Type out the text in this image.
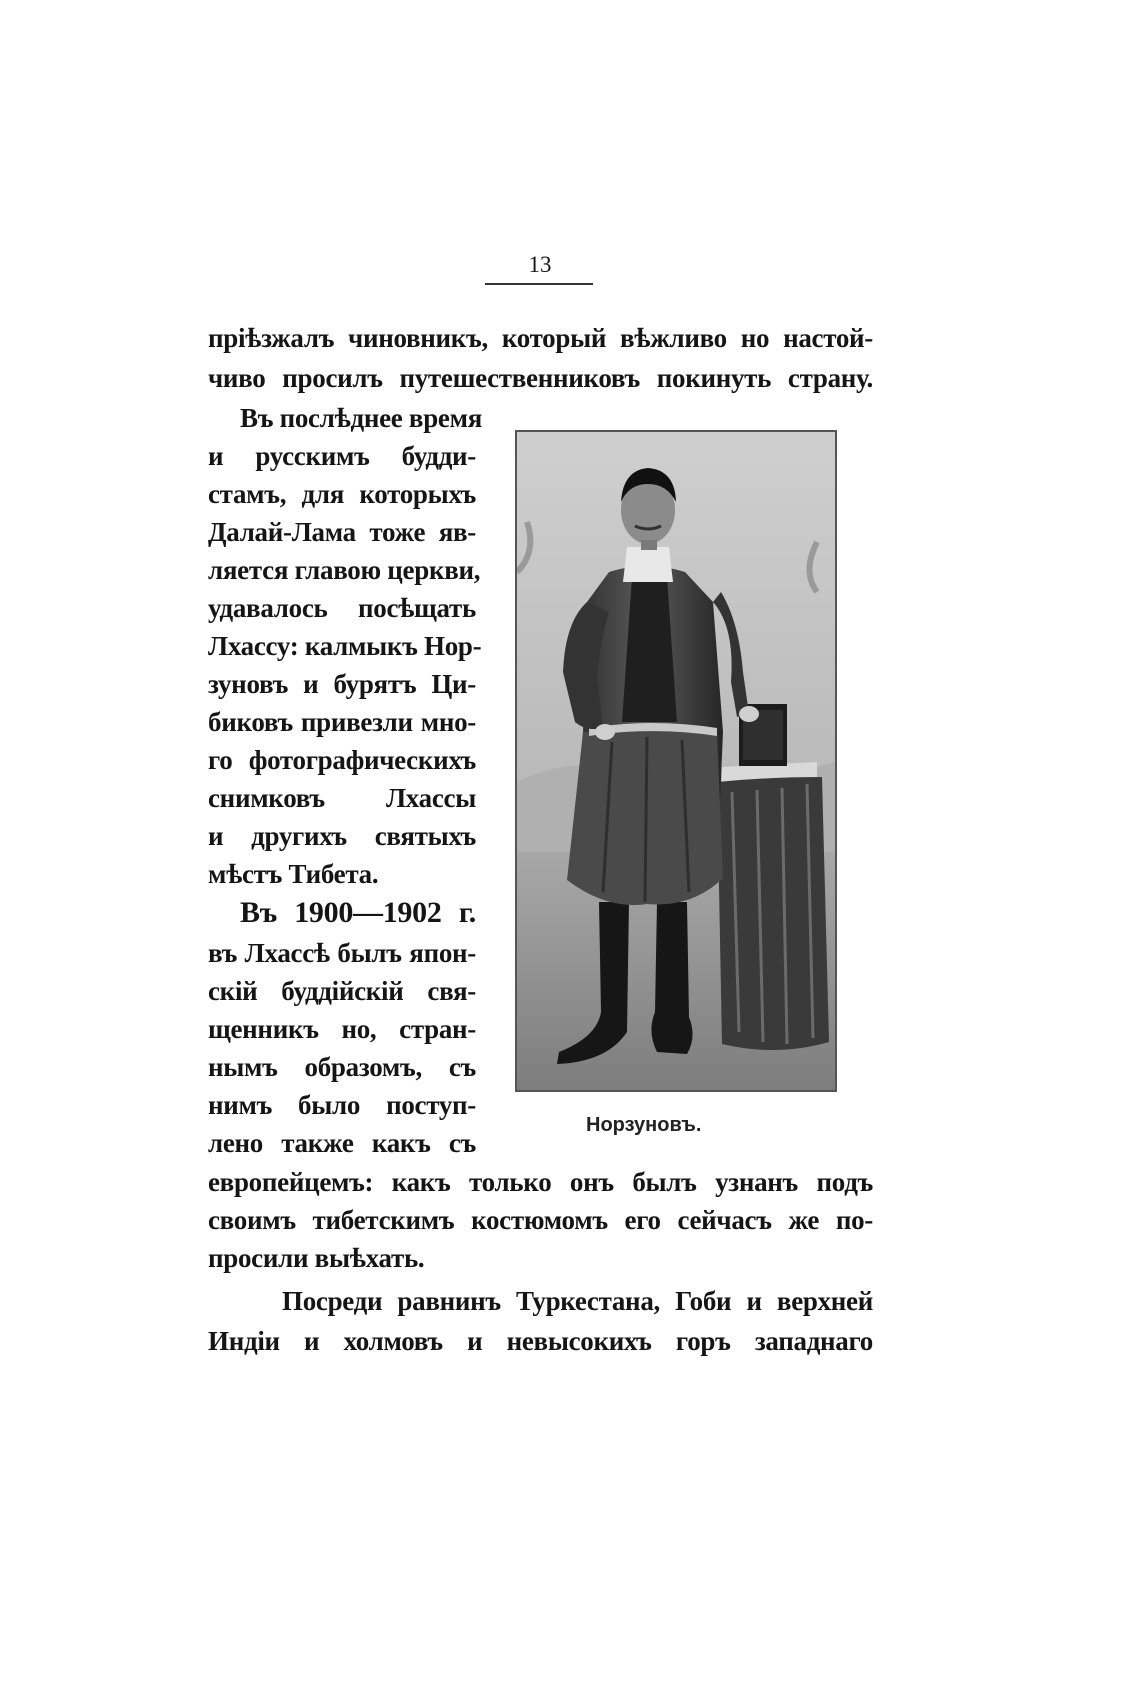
13

пріѣзжалъ чиновникъ, который вѣжливо но настой-

чиво просилъ путешественниковъ покинуть страну.

Въ послѣднее время

и русскимъ будди-

стамъ, для которыхъ

Далай-Лама тоже яв-

ляется главою церкви,

удавалось посѣщать

Лхассу: калмыкъ Нор-

зуновъ и бурятъ Ци-

биковъ привезли мно-

го фотографическихъ

снимковъ Лхассы

и другихъ святыхъ

мѣстъ Тибета.

Въ 1900—1902 г.

въ Лхассѣ былъ япон-

скій буддійскій свя-

щенникъ но, стран-

нымъ образомъ, съ

нимъ было поступ-

лено также какъ съ

Норзуновъ.

европейцемъ: какъ только онъ былъ узнанъ подъ

своимъ тибетскимъ костюмомъ его сейчасъ же по-

просили выѣхать.

Посреди равнинъ Туркестана, Гоби и верхней

Индіи и холмовъ и невысокихъ горъ западнаго
